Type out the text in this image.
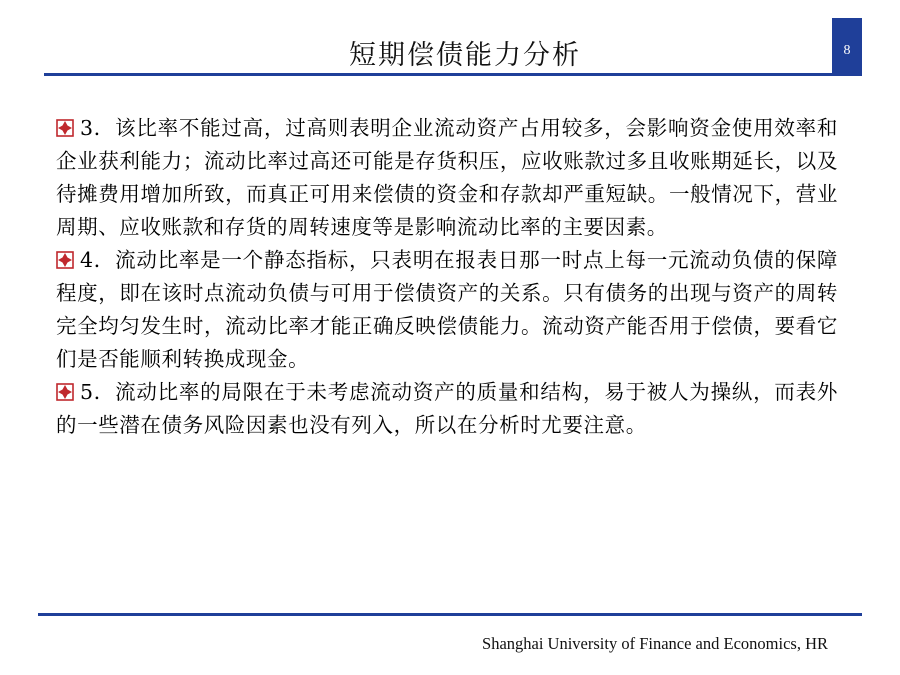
短期偿债能力分析	8

3．该比率不能过高，过高则表明企业流动资产占用较多，会影响资金使用效率和企业获利能力；流动比率过高还可能是存货积压，应收账款过多且收账期延长，以及待摊费用增加所致，而真正可用来偿债的资金和存款却严重短缺。一般情况下，营业周期、应收账款和存货的周转速度等是影响流动比率的主要因素。

4．流动比率是一个静态指标，只表明在报表日那一时点上每一元流动负债的保障程度，即在该时点流动负债与可用于偿债资产的关系。只有债务的出现与资产的周转完全均匀发生时，流动比率才能正确反映偿债能力。流动资产能否用于偿债，要看它们是否能顺利转换成现金。

5．流动比率的局限在于未考虑流动资产的质量和结构，易于被人为操纵，而表外的一些潜在债务风险因素也没有列入，所以在分析时尤要注意。

Shanghai University of Finance and Economics, HR
